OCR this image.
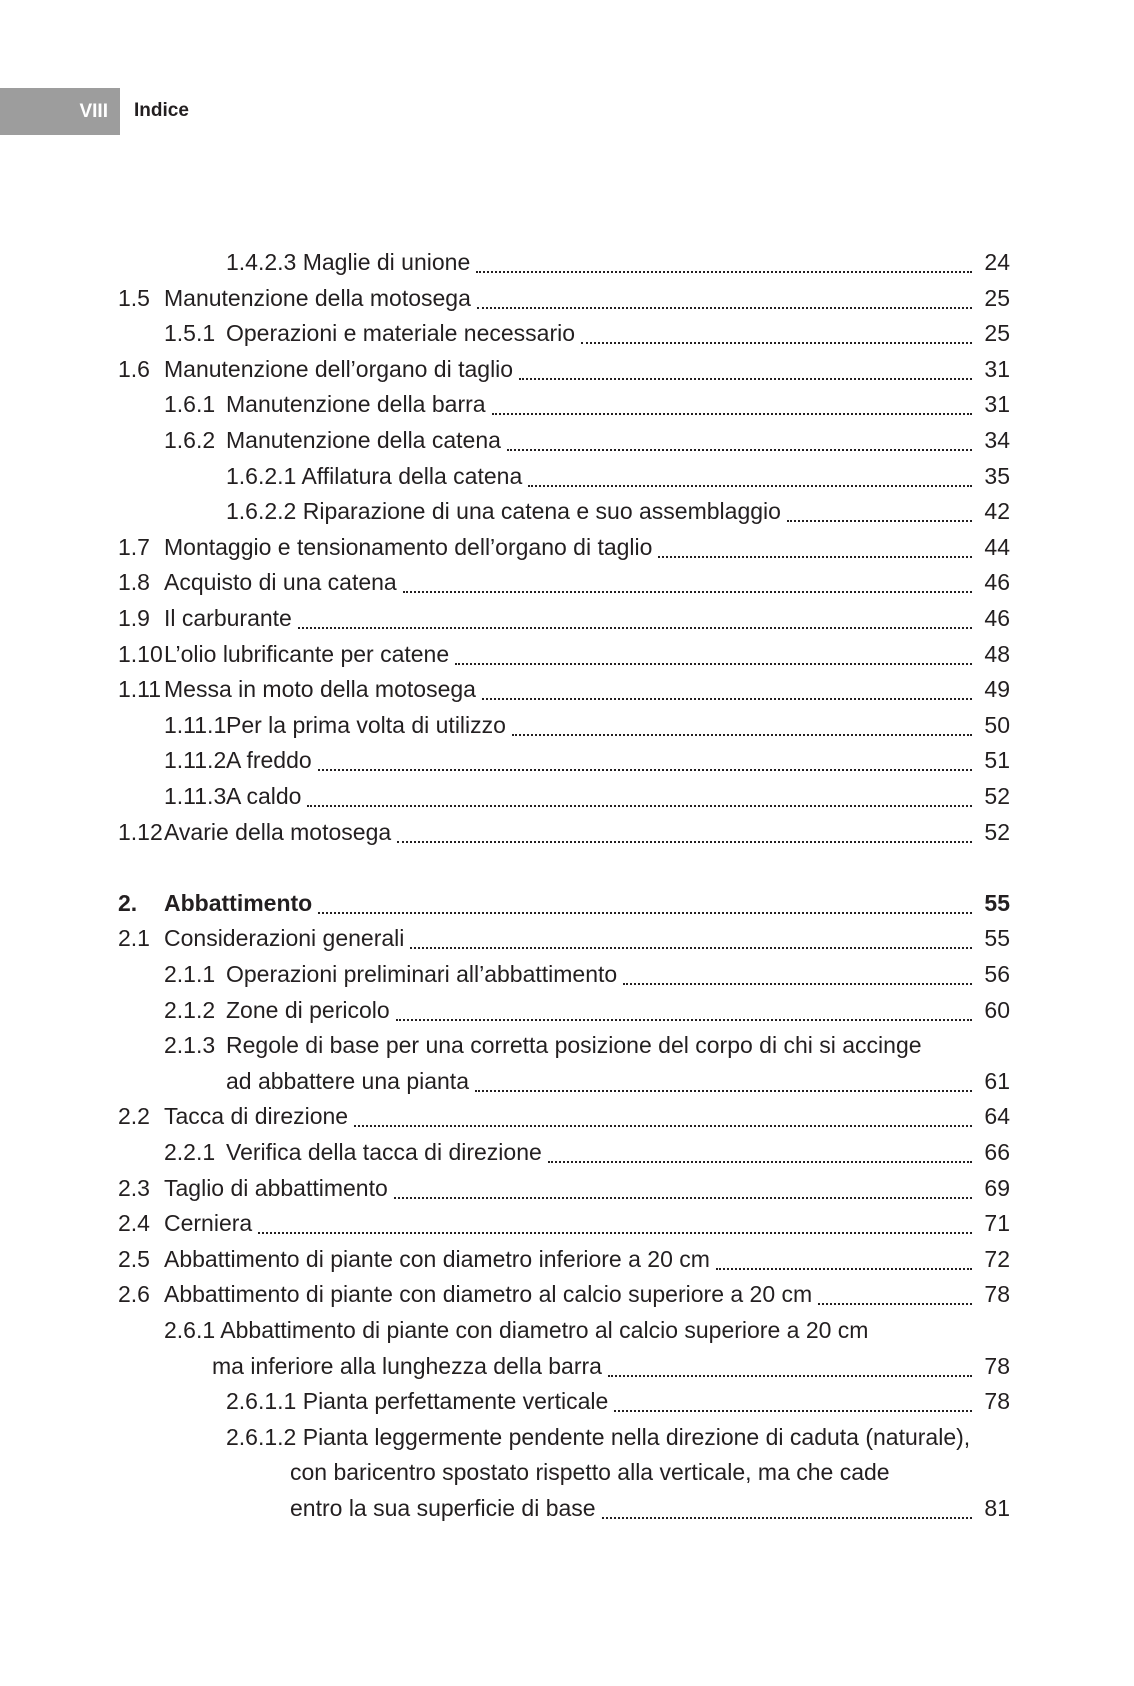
VIII Indice
1.4.2.3 Maglie di unione	24
1.5 Manutenzione della motosega	25
1.5.1 Operazioni e materiale necessario	25
1.6 Manutenzione dell’organo di taglio	31
1.6.1 Manutenzione della barra	31
1.6.2 Manutenzione della catena	34
1.6.2.1 Affilatura della catena	35
1.6.2.2 Riparazione di una catena e suo assemblaggio	42
1.7 Montaggio e tensionamento dell’organo di taglio	44
1.8 Acquisto di una catena	46
1.9 Il carburante	46
1.10 L’olio lubrificante per catene	48
1.11 Messa in moto della motosega	49
1.11.1 Per la prima volta di utilizzo	50
1.11.2 A freddo	51
1.11.3 A caldo	52
1.12 Avarie della motosega	52
2. Abbattimento	55
2.1 Considerazioni generali	55
2.1.1 Operazioni preliminari all’abbattimento	56
2.1.2 Zone di pericolo	60
2.1.3 Regole di base per una corretta posizione del corpo di chi si accinge
ad abbattere una pianta	61
2.2 Tacca di direzione	64
2.2.1 Verifica della tacca di direzione	66
2.3 Taglio di abbattimento	69
2.4 Cerniera	71
2.5 Abbattimento di piante con diametro inferiore a 20 cm	72
2.6 Abbattimento di piante con diametro al calcio superiore a 20 cm	78
2.6.1 Abbattimento di piante con diametro al calcio superiore a 20 cm
ma inferiore alla lunghezza della barra	78
2.6.1.1 Pianta perfettamente verticale	78
2.6.1.2 Pianta leggermente pendente nella direzione di caduta (naturale),
con baricentro spostato rispetto alla verticale, ma che cade
entro la sua superficie di base	81
